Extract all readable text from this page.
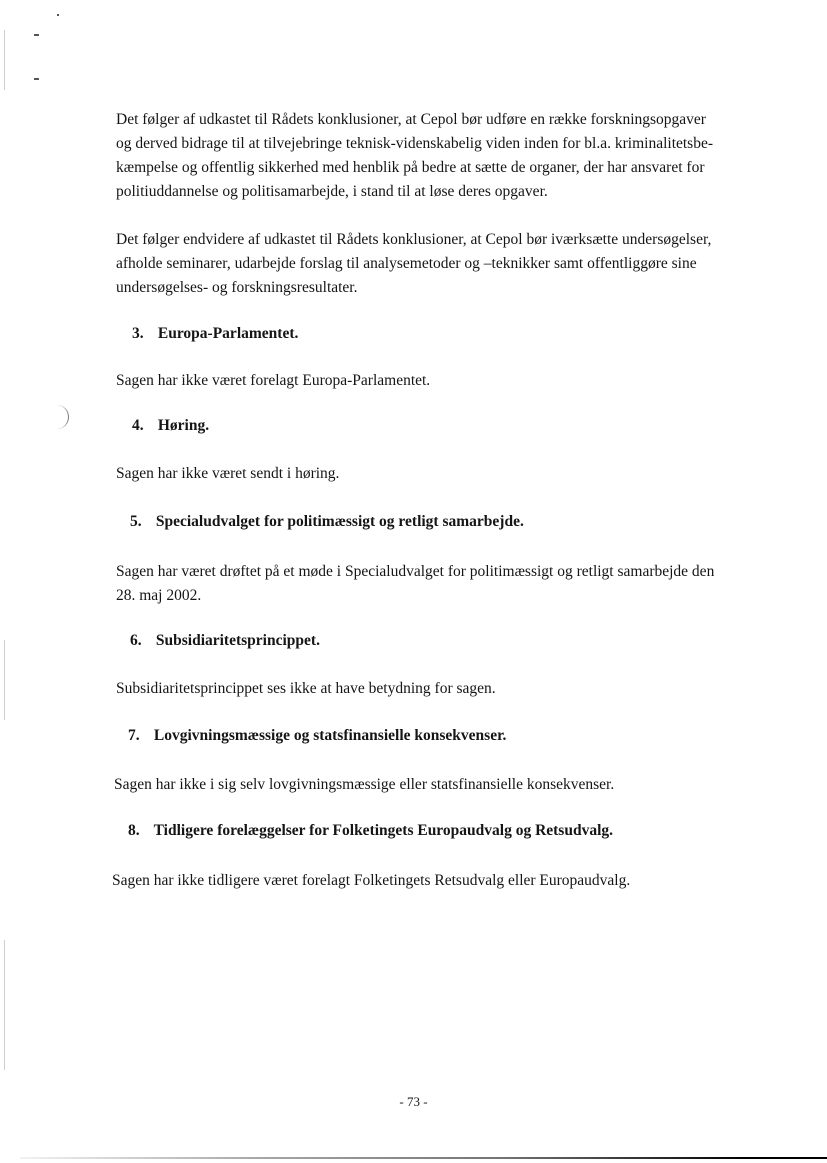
Det følger af udkastet til Rådets konklusioner, at Cepol bør udføre en række forskningsopgaver
og derved bidrage til at tilvejebringe teknisk-videnskabelig viden inden for bl.a. kriminalitetsbe-
kæmpelse og offentlig sikkerhed med henblik på bedre at sætte de organer, der har ansvaret for
politiuddannelse og politisamarbejde, i stand til at løse deres opgaver.

Det følger endvidere af udkastet til Rådets konklusioner, at Cepol bør iværksætte undersøgelser,
afholde seminarer, udarbejde forslag til analysemetoder og –teknikker samt offentliggøre sine
undersøgelses- og forskningsresultater.

3. Europa-Parlamentet.

Sagen har ikke været forelagt Europa-Parlamentet.

4. Høring.

Sagen har ikke været sendt i høring.

5. Specialudvalget for politimæssigt og retligt samarbejde.

Sagen har været drøftet på et møde i Specialudvalget for politimæssigt og retligt samarbejde den
28. maj 2002.

6. Subsidiaritetsprincippet.

Subsidiaritetsprincippet ses ikke at have betydning for sagen.

7. Lovgivningsmæssige og statsfinansielle konsekvenser.

Sagen har ikke i sig selv lovgivningsmæssige eller statsfinansielle konsekvenser.

8. Tidligere forelæggelser for Folketingets Europaudvalg og Retsudvalg.

Sagen har ikke tidligere været forelagt Folketingets Retsudvalg eller Europaudvalg.

- 73 -
